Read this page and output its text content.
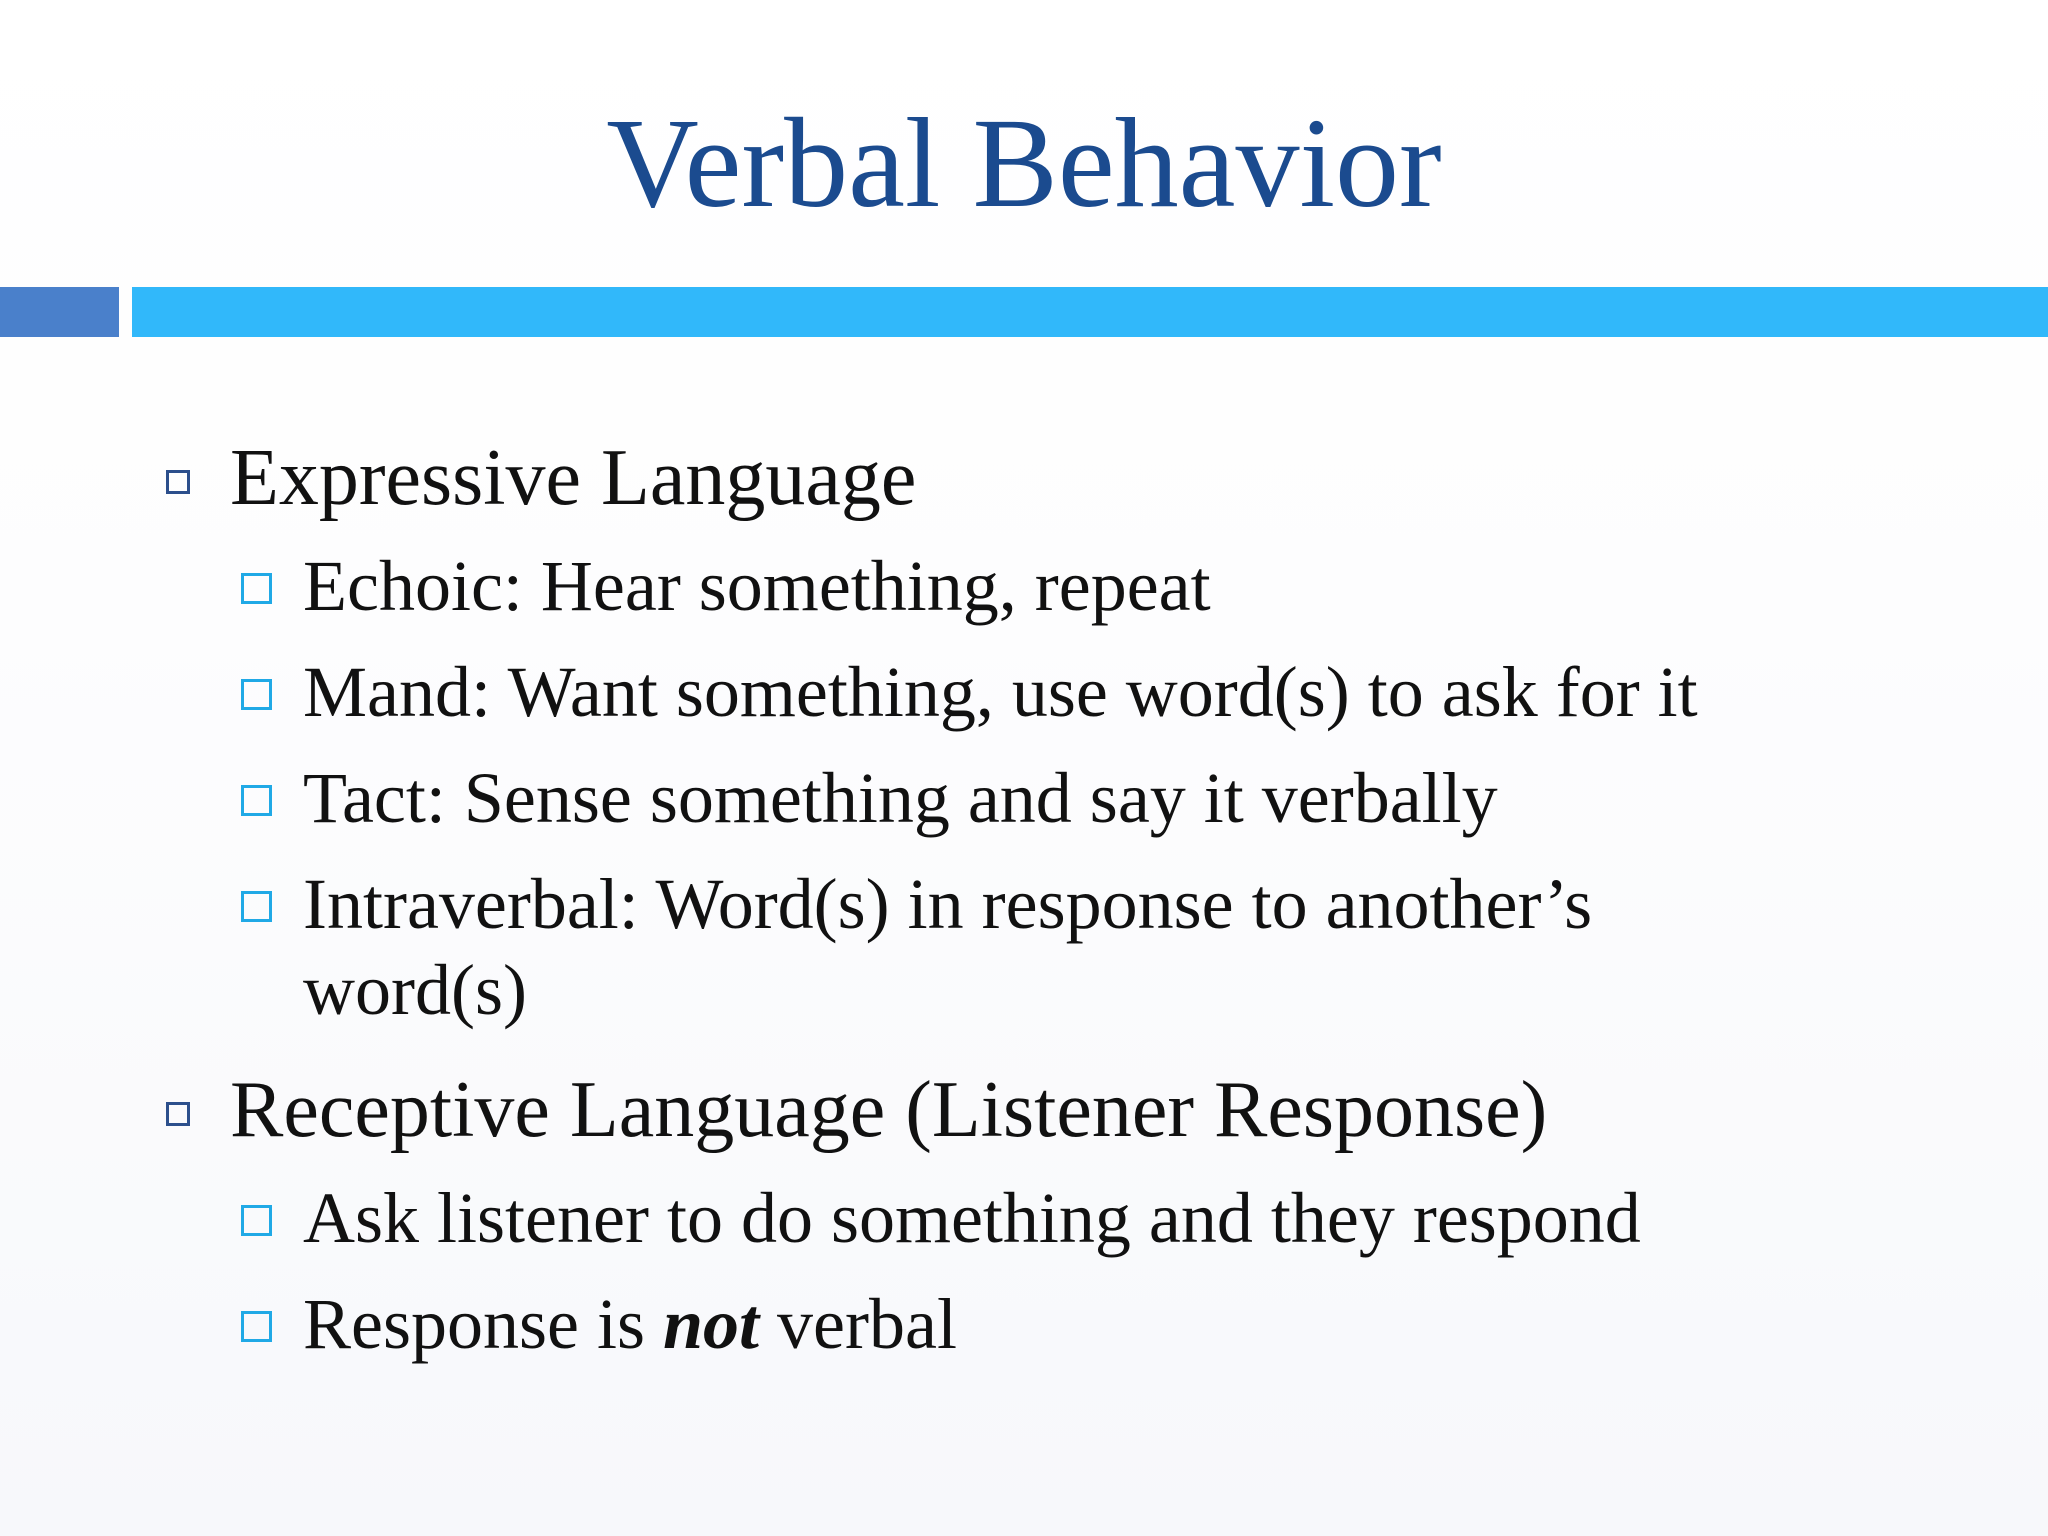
Verbal Behavior
Expressive Language
Echoic: Hear something, repeat
Mand: Want something, use word(s) to ask for it
Tact: Sense something and say it verbally
Intraverbal: Word(s) in response to another’s
word(s)
Receptive Language (Listener Response)
Ask listener to do something and they respond
Response is not verbal
